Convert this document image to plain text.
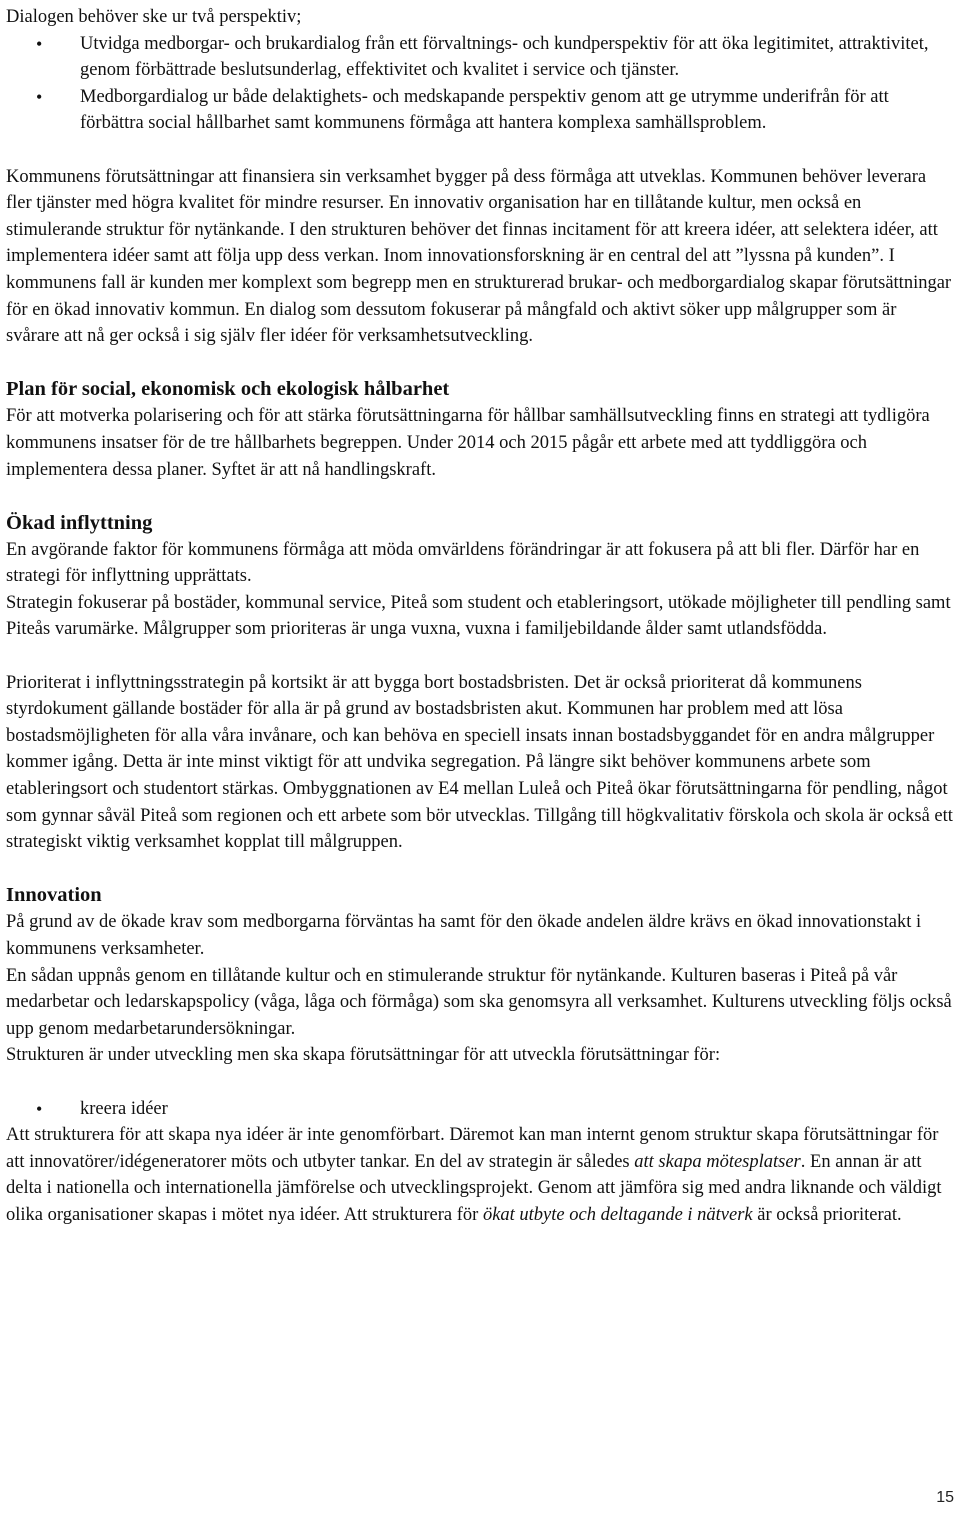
Dialogen behöver ske ur två perspektiv;

• Utvidga medborgar- och brukardialog från ett förvaltnings- och kundperspektiv för att öka legitimitet, attraktivitet, genom förbättrade beslutsunderlag, effektivitet och kvalitet i service och tjänster.
• Medborgardialog ur både delaktighets- och medskapande perspektiv genom att ge utrymme underifrån för att förbättra social hållbarhet samt kommunens förmåga att hantera komplexa samhällsproblem.

Kommunens förutsättningar att finansiera sin verksamhet bygger på dess förmåga att utveklas. Kommunen behöver leverara fler tjänster med högra kvalitet för mindre resurser. En innovativ organisation har en tillåtande kultur, men också en stimulerande struktur för nytänkande. I den strukturen behöver det finnas incitament för att kreera idéer, att selektera idéer, att implementera idéer samt att följa upp dess verkan. Inom innovationsforskning är en central del att ”lyssna på kunden”. I kommunens fall är kunden mer komplext som begrepp men en strukturerad brukar- och medborgardialog skapar förutsättningar för en ökad innovativ kommun. En dialog som dessutom fokuserar på mångfald och aktivt söker upp målgrupper som är svårare att nå ger också i sig själv fler idéer för verksamhetsutveckling.

Plan för social, ekonomisk och ekologisk hålbarhet

För att motverka polarisering och för att stärka förutsättningarna för hållbar samhällsutveckling finns en strategi att tydligöra kommunens insatser för de tre hållbarhets begreppen. Under 2014 och 2015 pågår ett arbete med att tyddliggöra och implementera dessa planer. Syftet är att nå handlingskraft.

Ökad inflyttning

En avgörande faktor för kommunens förmåga att möda omvärldens förändringar är att fokusera på att bli fler. Därför har en strategi för inflyttning upprättats.

Strategin fokuserar på bostäder, kommunal service, Piteå som student och etableringsort, utökade möjligheter till pendling samt Piteås varumärke. Målgrupper som prioriteras är unga vuxna, vuxna i familjebildande ålder samt utlandsfödda.

Prioriterat i inflyttningsstrategin på kortsikt är att bygga bort bostadsbristen. Det är också prioriterat då kommunens styrdokument gällande bostäder för alla är på grund av bostadsbristen akut. Kommunen har problem med att lösa bostadsmöjligheten för alla våra invånare, och kan behöva en speciell insats innan bostadsbyggandet för en andra målgrupper kommer igång. Detta är inte minst viktigt för att undvika segregation. På längre sikt behöver kommunens arbete som etableringsort och studentort stärkas. Ombyggnationen av E4 mellan Luleå och Piteå ökar förutsättningarna för pendling, något som gynnar såväl Piteå som regionen och ett arbete som bör utvecklas. Tillgång till högkvalitativ förskola och skola är också ett strategiskt viktig verksamhet kopplat till målgruppen.

Innovation

På grund av de ökade krav som medborgarna förväntas ha samt för den ökade andelen äldre krävs en ökad innovationstakt i kommunens verksamheter.

En sådan uppnås genom en tillåtande kultur och en stimulerande struktur för nytänkande. Kulturen baseras i Piteå på vår medarbetar och ledarskapspolicy (våga, låga och förmåga) som ska genomsyra all verksamhet. Kulturens utveckling följs också upp genom medarbetarundersökningar.

Strukturen är under utveckling men ska skapa förutsättningar för att utveckla förutsättningar för:

• kreera idéer

Att strukturera för att skapa nya idéer är inte genomförbart. Däremot kan man internt genom struktur skapa förutsättningar för att innovatörer/idégeneratorer möts och utbyter tankar. En del av strategin är således att skapa mötesplatser. En annan är att delta i nationella och internationella jämförelse och utvecklingsprojekt. Genom att jämföra sig med andra liknande och väldigt olika organisationer skapas i mötet nya idéer. Att strukturera för ökat utbyte och deltagande i nätverk är också prioriterat.

15
